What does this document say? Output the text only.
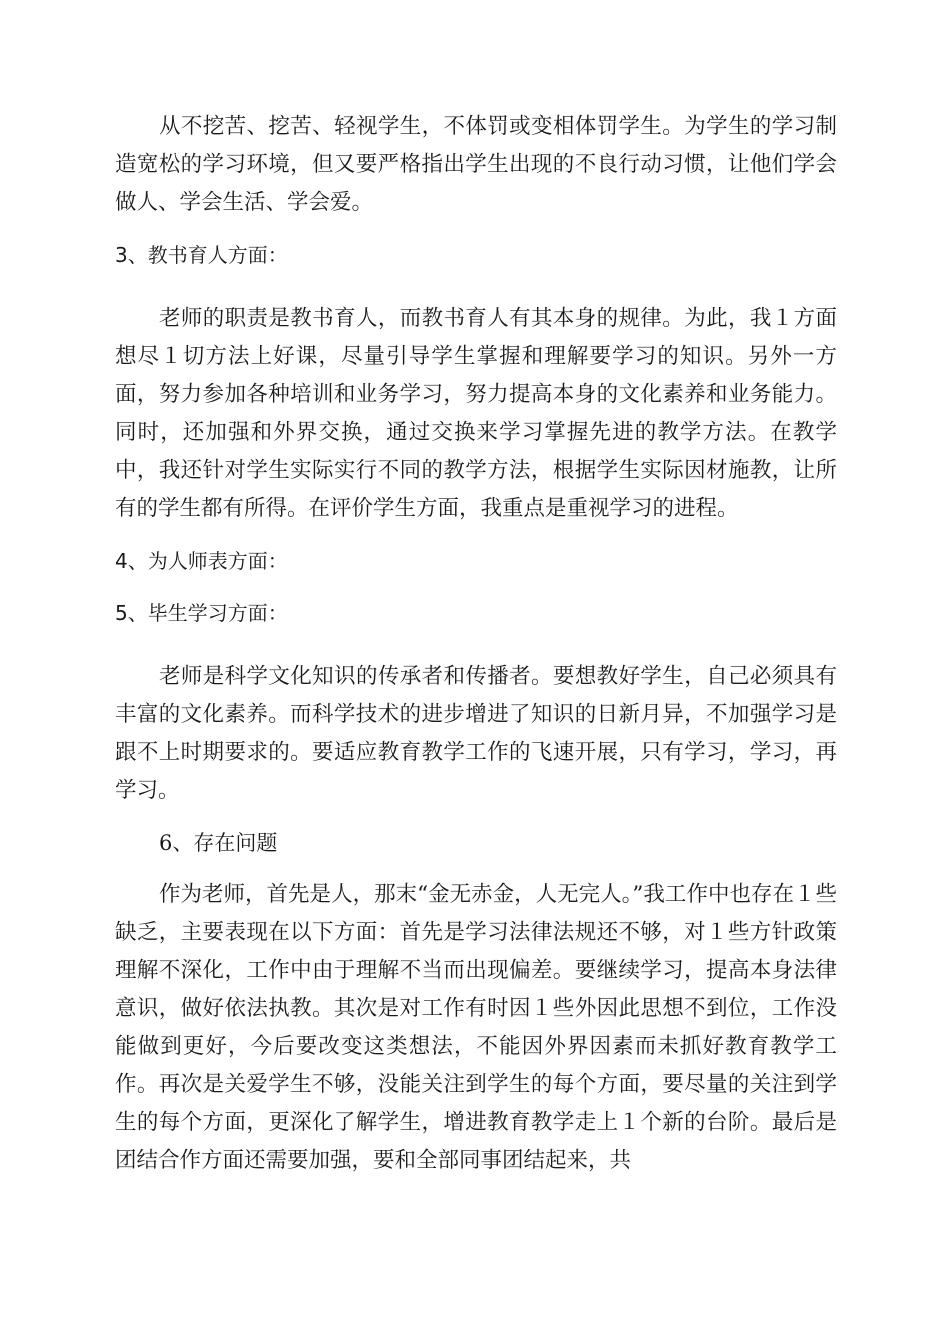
从不挖苦、挖苦、轻视学生，不体罚或变相体罚学生。为学生的学习制造宽松的学习环境，但又要严格指出学生出现的不良行动习惯，让他们学会做人、学会生活、学会爱。

3、教书育人方面：

老师的职责是教书育人，而教书育人有其本身的规律。为此，我１方面想尽１切方法上好课，尽量引导学生掌握和理解要学习的知识。另外一方面，努力参加各种培训和业务学习，努力提高本身的文化素养和业务能力。同时，还加强和外界交换，通过交换来学习掌握先进的教学方法。在教学中，我还针对学生实际实行不同的教学方法，根据学生实际因材施教，让所有的学生都有所得。在评价学生方面，我重点是重视学习的进程。

4、为人师表方面：

5、毕生学习方面：

老师是科学文化知识的传承者和传播者。要想教好学生，自己必须具有丰富的文化素养。而科学技术的进步增进了知识的日新月异，不加强学习是跟不上时期要求的。要适应教育教学工作的飞速开展，只有学习，学习，再学习。

6、存在问题

作为老师，首先是人，那末“金无赤金，人无完人。”我工作中也存在１些缺乏，主要表现在以下方面：首先是学习法律法规还不够，对１些方针政策理解不深化，工作中由于理解不当而出现偏差。要继续学习，提高本身法律意识，做好依法执教。其次是对工作有时因１些外因此思想不到位，工作没能做到更好，今后要改变这类想法，不能因外界因素而未抓好教育教学工作。再次是关爱学生不够，没能关注到学生的每个方面，要尽量的关注到学生的每个方面，更深化了解学生，增进教育教学走上１个新的台阶。最后是团结合作方面还需要加强，要和全部同事团结起来，共
